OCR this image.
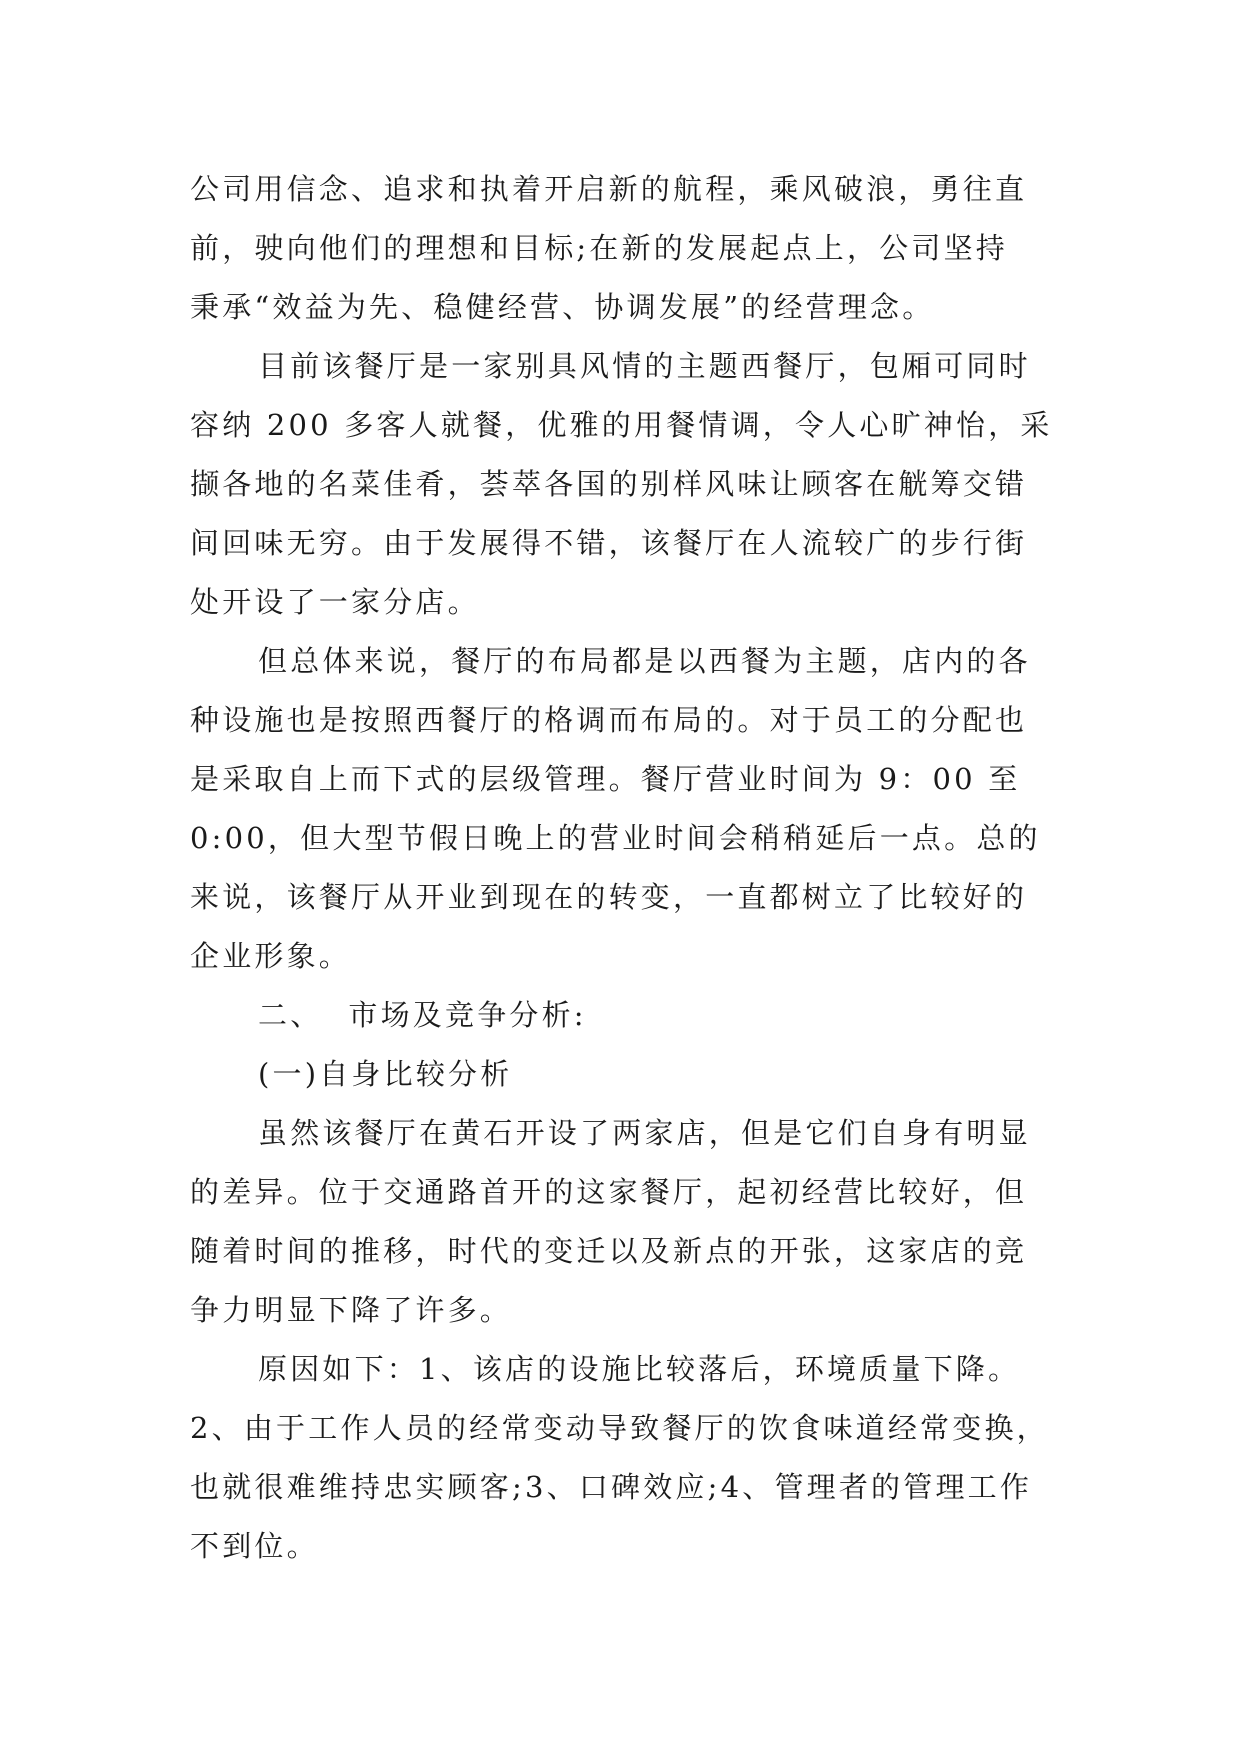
公司用信念、追求和执着开启新的航程，乘风破浪，勇往直
前，驶向他们的理想和目标;在新的发展起点上，公司坚持
秉承“效益为先、稳健经营、协调发展”的经营理念。
目前该餐厅是一家别具风情的主题西餐厅，包厢可同时
容纳 200 多客人就餐，优雅的用餐情调，令人心旷神怡，采
撷各地的名菜佳肴，荟萃各国的别样风味让顾客在觥筹交错
间回味无穷。由于发展得不错，该餐厅在人流较广的步行街
处开设了一家分店。
但总体来说，餐厅的布局都是以西餐为主题，店内的各
种设施也是按照西餐厅的格调而布局的。对于员工的分配也
是采取自上而下式的层级管理。餐厅营业时间为 9：00 至
0:00，但大型节假日晚上的营业时间会稍稍延后一点。总的
来说，该餐厅从开业到现在的转变，一直都树立了比较好的
企业形象。
二、 市场及竞争分析:
(一)自身比较分析
虽然该餐厅在黄石开设了两家店，但是它们自身有明显
的差异。位于交通路首开的这家餐厅，起初经营比较好，但
随着时间的推移，时代的变迁以及新点的开张，这家店的竞
争力明显下降了许多。
原因如下：1、该店的设施比较落后，环境质量下降。
2、由于工作人员的经常变动导致餐厅的饮食味道经常变换，
也就很难维持忠实顾客;3、口碑效应;4、管理者的管理工作
不到位。
